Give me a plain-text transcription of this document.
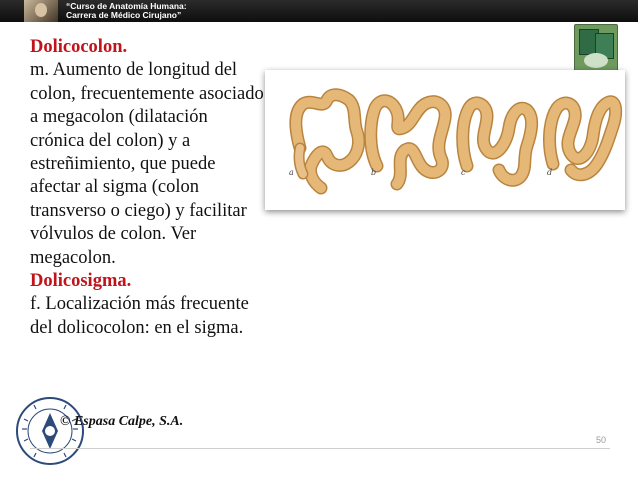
“Curso de Anatomía Humana:
Carrera de Médico Cirujano”
Dolicocolon.
m. Aumento de longitud del colon, frecuentemente asociado a megacolon (dilatación crónica del colon) y a estreñimiento, que puede afectar al sigma (colon transverso o ciego) y facilitar vólvulos de colon. Ver megacolon.
Dolicosigma.
f. Localización más frecuente del dolicocolon: en el sigma.
a	b	c	d
© Espasa Calpe, S.A.
50
